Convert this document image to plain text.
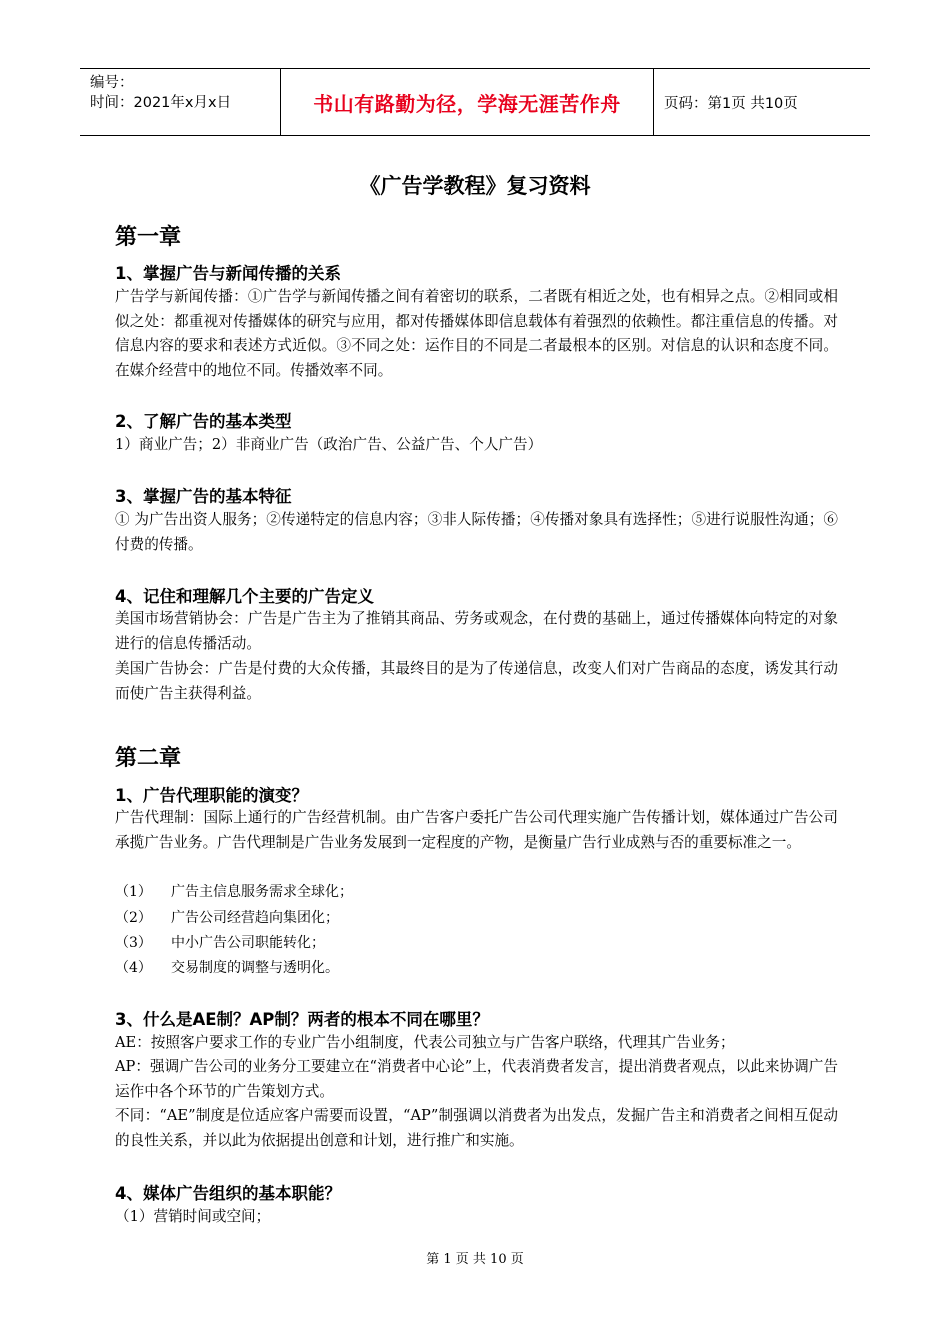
编号：
时间：2021年x月x日	书山有路勤为径，学海无涯苦作舟	页码：第1页 共10页
《广告学教程》复习资料
第一章
1、掌握广告与新闻传播的关系
广告学与新闻传播：①广告学与新闻传播之间有着密切的联系，二者既有相近之处，也有相异之点。②相同或相似之处：都重视对传播媒体的研究与应用，都对传播媒体即信息载体有着强烈的依赖性。都注重信息的传播。对信息内容的要求和表述方式近似。③不同之处：运作目的不同是二者最根本的区别。对信息的认识和态度不同。在媒介经营中的地位不同。传播效率不同。
2、了解广告的基本类型
1）商业广告；2）非商业广告（政治广告、公益广告、个人广告）
3、掌握广告的基本特征
① 为广告出资人服务；②传递特定的信息内容；③非人际传播；④传播对象具有选择性；⑤进行说服性沟通；⑥付费的传播。
4、记住和理解几个主要的广告定义
美国市场营销协会：广告是广告主为了推销其商品、劳务或观念，在付费的基础上，通过传播媒体向特定的对象进行的信息传播活动。
美国广告协会：广告是付费的大众传播，其最终目的是为了传递信息，改变人们对广告商品的态度，诱发其行动而使广告主获得利益。
第二章
1、广告代理职能的演变？
广告代理制：国际上通行的广告经营机制。由广告客户委托广告公司代理实施广告传播计划，媒体通过广告公司承揽广告业务。广告代理制是广告业务发展到一定程度的产物，是衡量广告行业成熟与否的重要标准之一。
（1）	广告主信息服务需求全球化；
（2）	广告公司经营趋向集团化；
（3）	中小广告公司职能转化；
（4）	交易制度的调整与透明化。
3、什么是AE制？AP制？两者的根本不同在哪里？
AE：按照客户要求工作的专业广告小组制度，代表公司独立与广告客户联络，代理其广告业务；
AP：强调广告公司的业务分工要建立在“消费者中心论”上，代表消费者发言，提出消费者观点，以此来协调广告运作中各个环节的广告策划方式。
不同：“AE”制度是位适应客户需要而设置，“AP”制强调以消费者为出发点，发掘广告主和消费者之间相互促动的良性关系，并以此为依据提出创意和计划，进行推广和实施。
4、媒体广告组织的基本职能？
（1）营销时间或空间；
第 1 页 共 10 页
